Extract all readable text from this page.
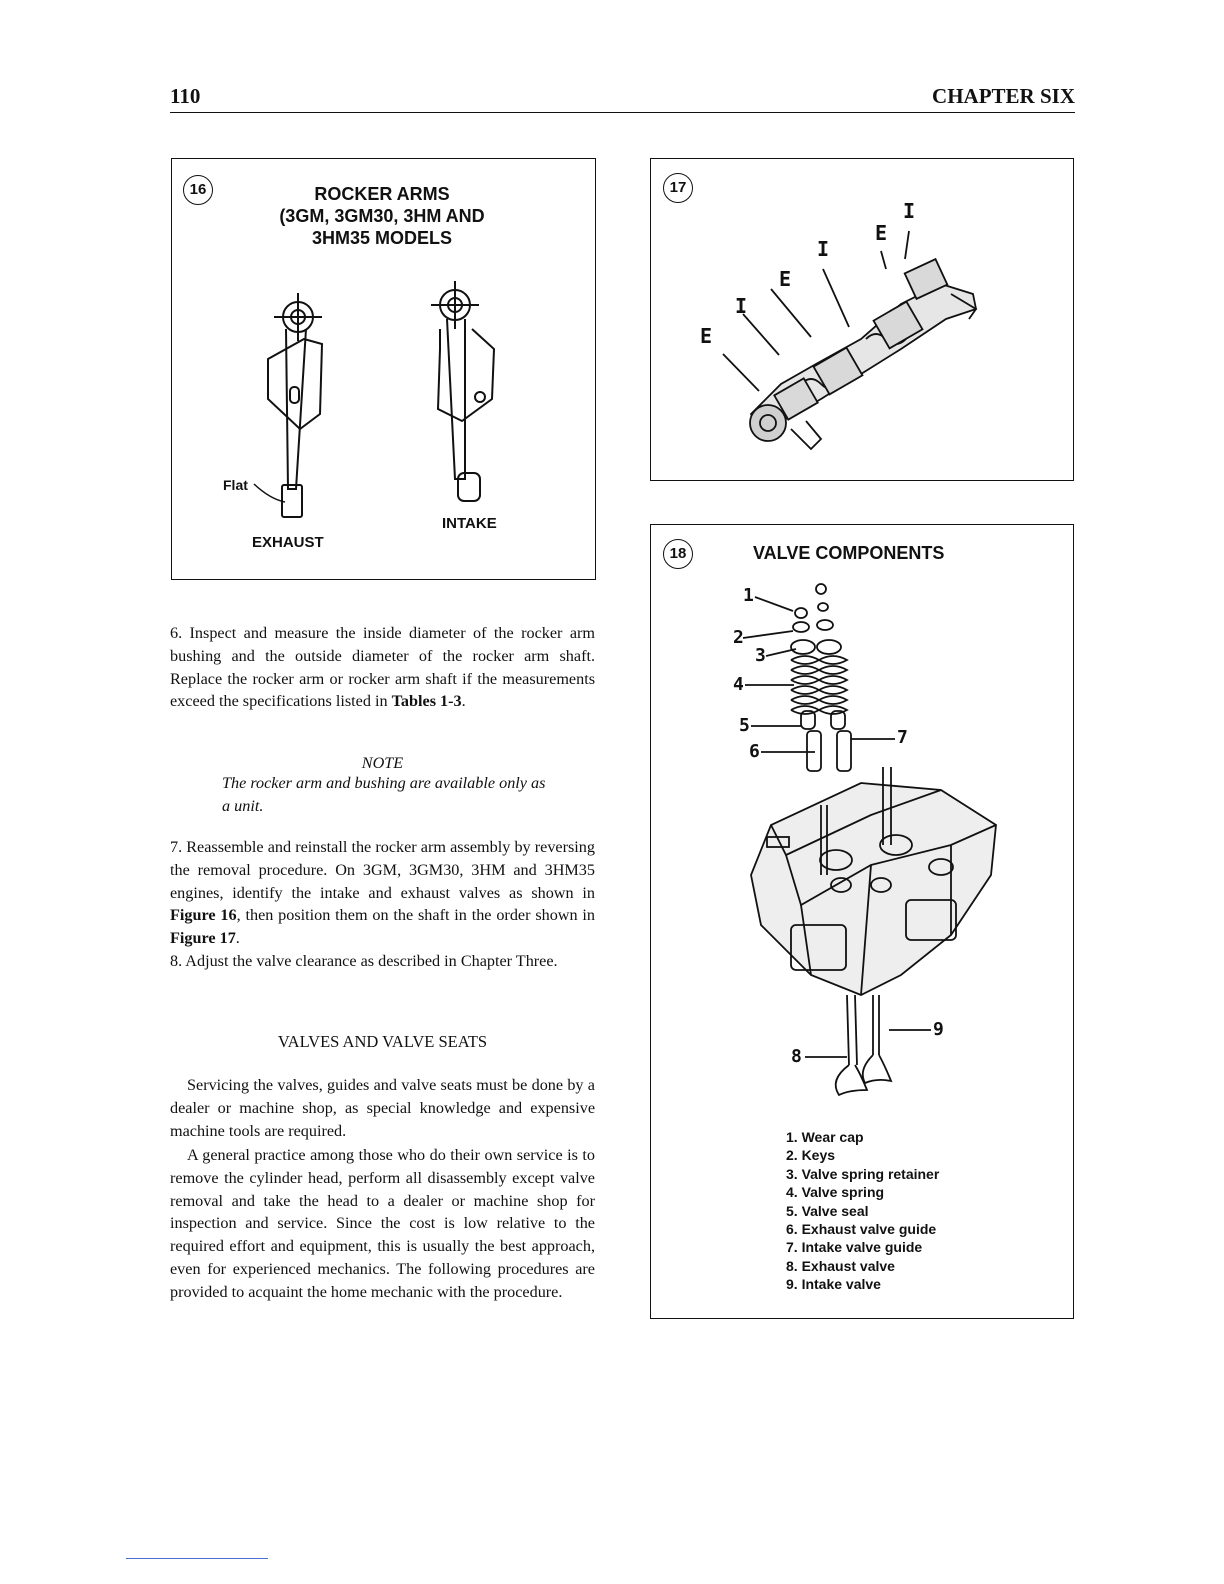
110	CHAPTER SIX
16	ROCKER ARMS
(3GM, 3GM30, 3HM AND
3HM35 MODELS
Flat
EXHAUST
INTAKE
17
E
I
E
I
E
I
18	VALVE COMPONENTS
1
2
3
4
5
6
7
8
9
1. Wear cap
2. Keys
3. Valve spring retainer
4. Valve spring
5. Valve seal
6. Exhaust valve guide
7. Intake valve guide
8. Exhaust valve
9. Intake valve
6. Inspect and measure the inside diameter of the rocker arm bushing and the outside diameter of the rocker arm shaft. Replace the rocker arm or rocker arm shaft if the measurements exceed the specifications listed in Tables 1-3.
NOTE
The rocker arm and bushing are available only as a unit.
7. Reassemble and reinstall the rocker arm assembly by reversing the removal procedure. On 3GM, 3GM30, 3HM and 3HM35 engines, identify the intake and exhaust valves as shown in Figure 16, then position them on the shaft in the order shown in Figure 17.
8. Adjust the valve clearance as described in Chapter Three.
VALVES AND VALVE SEATS
Servicing the valves, guides and valve seats must be done by a dealer or machine shop, as special knowledge and expensive machine tools are required.
A general practice among those who do their own service is to remove the cylinder head, perform all disassembly except valve removal and take the head to a dealer or machine shop for inspection and service. Since the cost is low relative to the required effort and equipment, this is usually the best approach, even for experienced mechanics. The following procedures are provided to acquaint the home mechanic with the procedure.
